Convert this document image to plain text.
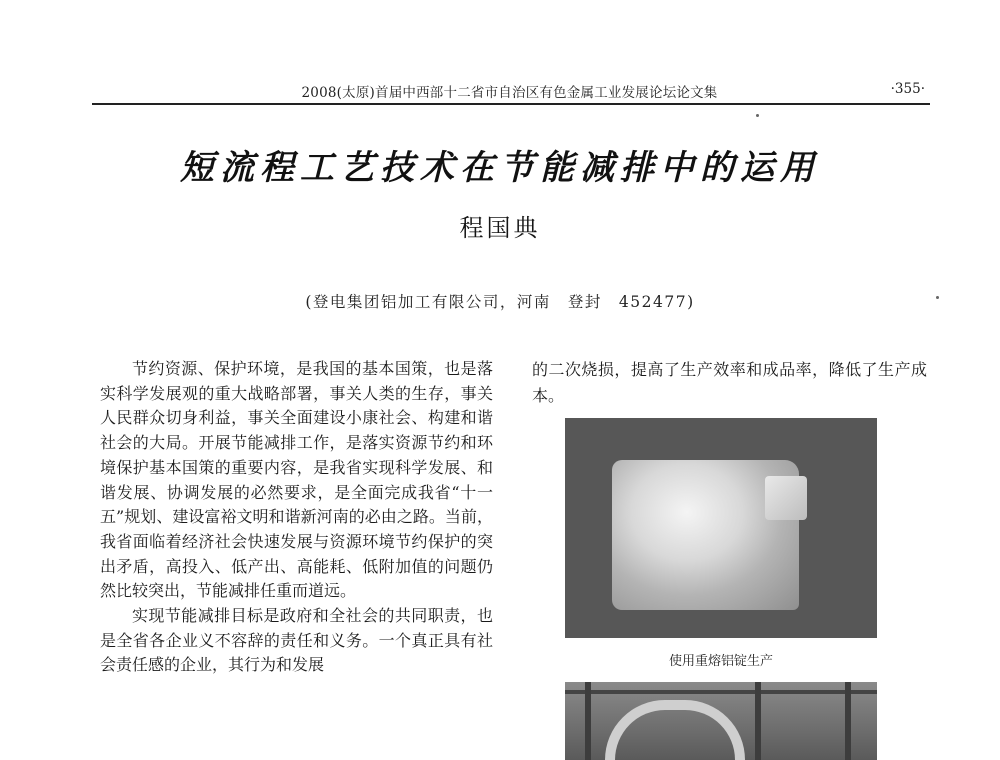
2008(太原)首届中西部十二省市自治区有色金属工业发展论坛论文集	·355·
短流程工艺技术在节能减排中的运用
程国典
(登电集团铝加工有限公司，河南　登封　452477)

节约资源、保护环境，是我国的基本国策，也是落实科学发展观的重大战略部署，事关人类的生存，事关人民群众切身利益，事关全面建设小康社会、构建和谐社会的大局。开展节能减排工作，是落实资源节约和环境保护基本国策的重要内容，是我省实现科学发展、和谐发展、协调发展的必然要求，是全面完成我省“十一五”规划、建设富裕文明和谐新河南的必由之路。当前，我省面临着经济社会快速发展与资源环境节约保护的突出矛盾，高投入、低产出、高能耗、低附加值的问题仍然比较突出，节能减排任重而道远。

实现节能减排目标是政府和全社会的共同职责，也是全省各企业义不容辞的责任和义务。一个真正具有社会责任感的企业，其行为和发展

的二次烧损，提高了生产效率和成品率，降低了生产成本。

使用重熔铝锭生产
